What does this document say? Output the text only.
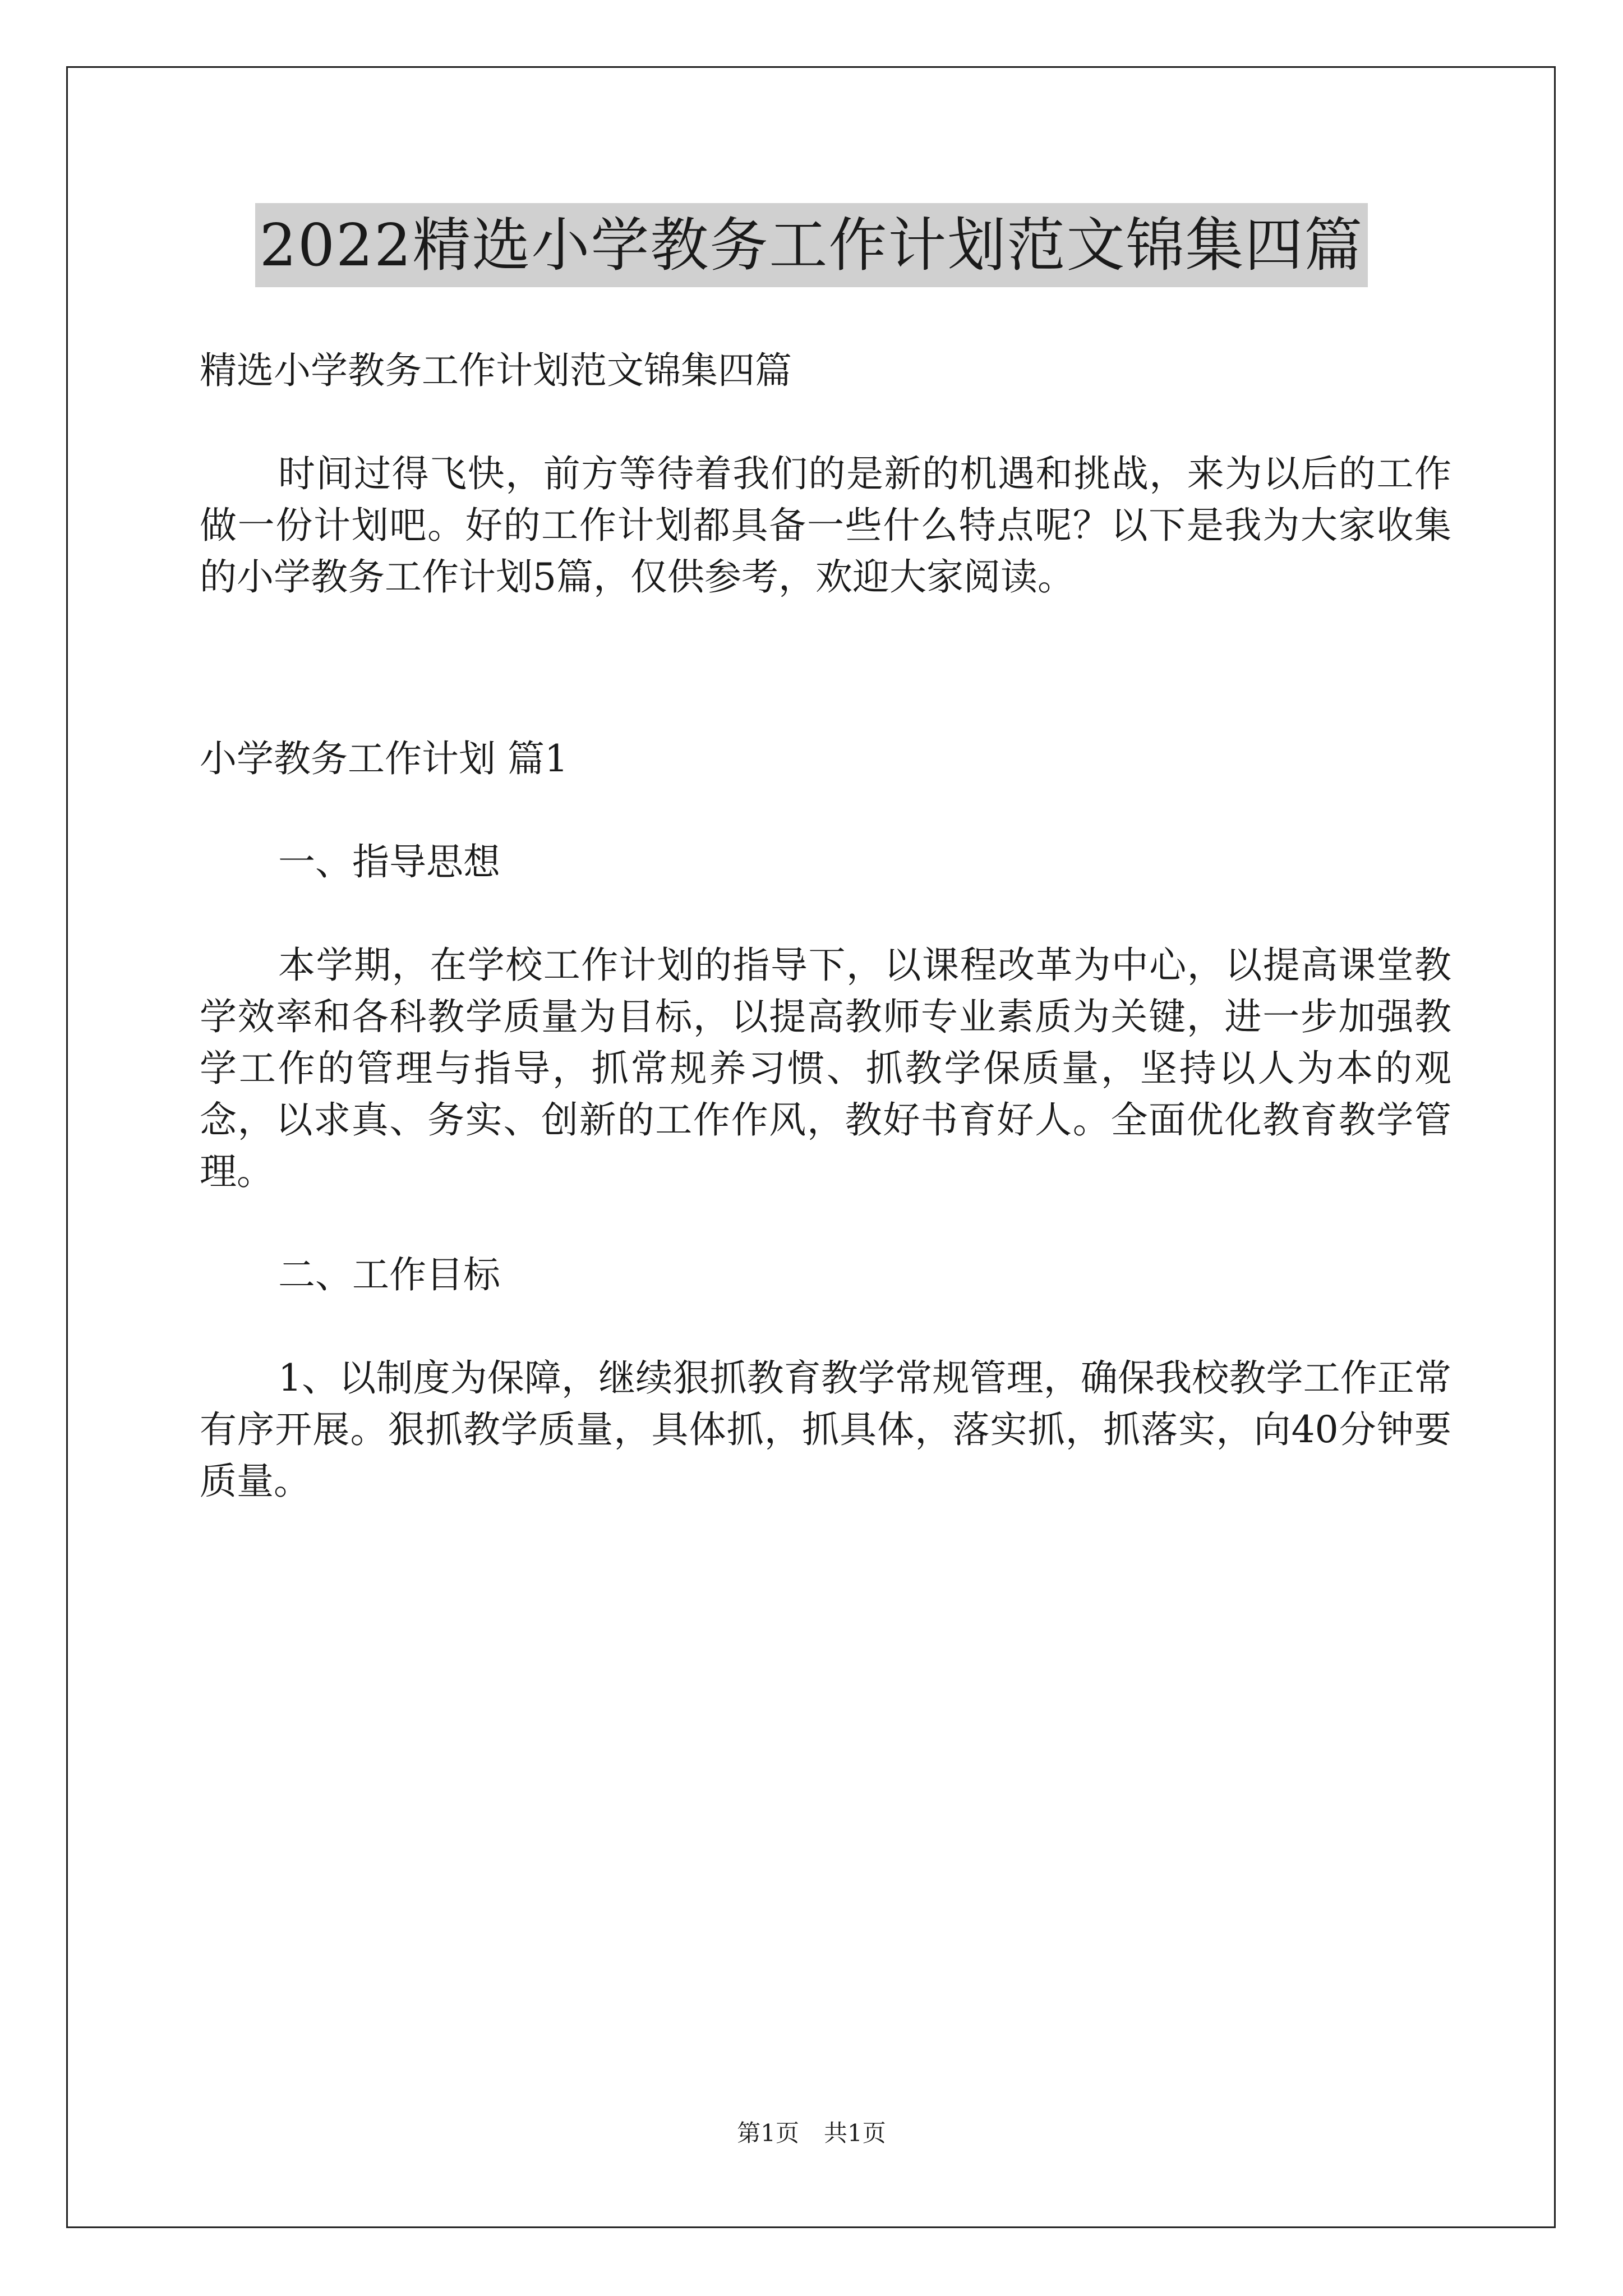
2022精选小学教务工作计划范文锦集四篇

精选小学教务工作计划范文锦集四篇

时间过得飞快，前方等待着我们的是新的机遇和挑战，来为以后的工作做一份计划吧。好的工作计划都具备一些什么特点呢？以下是我为大家收集的小学教务工作计划5篇，仅供参考，欢迎大家阅读。

小学教务工作计划 篇1

一、指导思想

本学期，在学校工作计划的指导下，以课程改革为中心，以提高课堂教学效率和各科教学质量为目标，以提高教师专业素质为关键，进一步加强教学工作的管理与指导，抓常规养习惯、抓教学保质量，坚持以人为本的观念，以求真、务实、创新的工作作风，教好书育好人。全面优化教育教学管理。

二、工作目标

1、以制度为保障，继续狠抓教育教学常规管理，确保我校教学工作正常有序开展。狠抓教学质量，具体抓，抓具体，落实抓，抓落实，向40分钟要质量。

第1页 共1页
